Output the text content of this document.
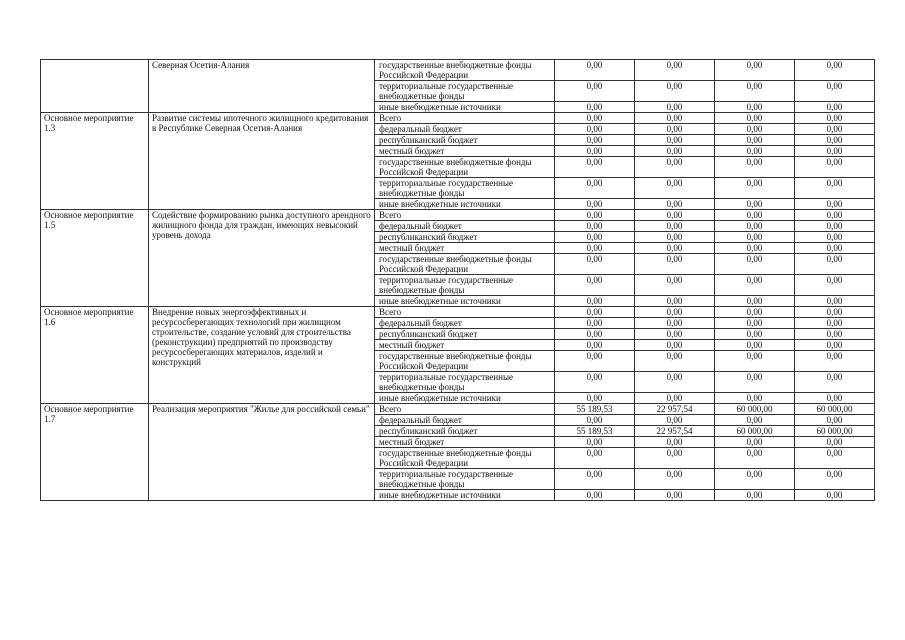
	Северная Осетия-Алания	государственные внебюджетные фонды Российской Федерации	0,00	0,00	0,00	0,00
		территориальные государственные внебюджетные фонды	0,00	0,00	0,00	0,00
		иные внебюджетные источники	0,00	0,00	0,00	0,00
Основное мероприятие 1.3	Развитие системы ипотечного жилищного кредитования в Республике Северная Осетия-Алания	Всего	0,00	0,00	0,00	0,00
		федеральный бюджет	0,00	0,00	0,00	0,00
		республиканский бюджет	0,00	0,00	0,00	0,00
		местный бюджет	0,00	0,00	0,00	0,00
		государственные внебюджетные фонды Российской Федерации	0,00	0,00	0,00	0,00
		территориальные государственные внебюджетные фонды	0,00	0,00	0,00	0,00
		иные внебюджетные источники	0,00	0,00	0,00	0,00
Основное мероприятие 1.5	Содействие формированию рынка доступного арендного жилищного фонда для граждан, имеющих невысокий уровень дохода	Всего	0,00	0,00	0,00	0,00
		федеральный бюджет	0,00	0,00	0,00	0,00
		республиканский бюджет	0,00	0,00	0,00	0,00
		местный бюджет	0,00	0,00	0,00	0,00
		государственные внебюджетные фонды Российской Федерации	0,00	0,00	0,00	0,00
		территориальные государственные внебюджетные фонды	0,00	0,00	0,00	0,00
		иные внебюджетные источники	0,00	0,00	0,00	0,00
Основное мероприятие 1.6	Внедрение новых энергоэффективных и ресурсосберегающих технологий при жилищном строительстве, создание условий для строительства (реконструкции) предприятий по производству ресурсосберегающих материалов, изделий и конструкций	Всего	0,00	0,00	0,00	0,00
		федеральный бюджет	0,00	0,00	0,00	0,00
		республиканский бюджет	0,00	0,00	0,00	0,00
		местный бюджет	0,00	0,00	0,00	0,00
		государственные внебюджетные фонды Российской Федерации	0,00	0,00	0,00	0,00
		территориальные государственные внебюджетные фонды	0,00	0,00	0,00	0,00
		иные внебюджетные источники	0,00	0,00	0,00	0,00
Основное мероприятие 1.7	Реализация мероприятия "Жилье для российской семьи"	Всего	55 189,53	22 957,54	60 000,00	60 000,00
		федеральный бюджет	0,00	0,00	0,00	0,00
		республиканский бюджет	55 189,53	22 957,54	60 000,00	60 000,00
		местный бюджет	0,00	0,00	0,00	0,00
		государственные внебюджетные фонды Российской Федерации	0,00	0,00	0,00	0,00
		территориальные государственные внебюджетные фонды	0,00	0,00	0,00	0,00
		иные внебюджетные источники	0,00	0,00	0,00	0,00
